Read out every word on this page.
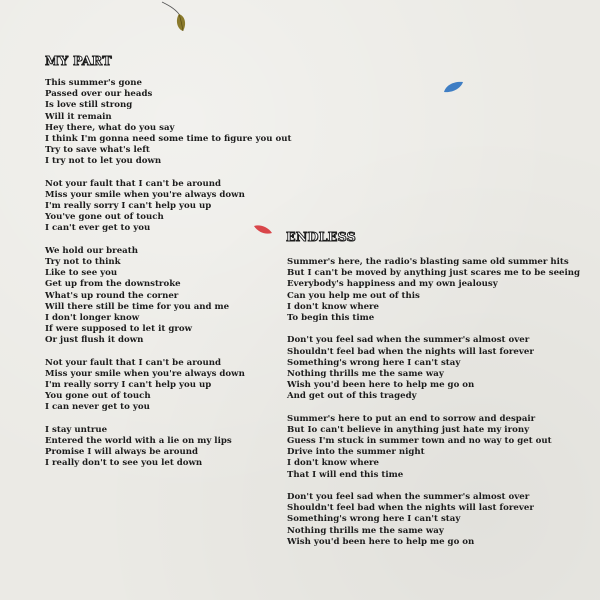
MY PART
This summer's gone
Passed over our heads
Is love still strong
Will it remain
Hey there, what do you say
I think I'm gonna need some time to figure you out
Try to save what's left
I try not to let you down
Not your fault that I can't be around
Miss your smile when you're always down
I'm really sorry I can't help you up
You've gone out of touch
I can't ever get to you
We hold our breath
Try not to think
Like to see you
Get up from the downstroke
What's up round the corner
Will there still be time for you and me
I don't longer know
If were supposed to let it grow
Or just flush it down
Not your fault that I can't be around
Miss your smile when you're always down
I'm really sorry I can't help you up
You gone out of touch
I can never get to you
I stay untrue
Entered the world with a lie on my lips
Promise I will always be around
I really don't to see you let down
ENDLESS
Summer's here, the radio's blasting same old summer hits
But I can't be moved by anything just scares me to be seeing
Everybody's happiness and my own jealousy
Can you help me out of this
I don't know where
To begin this time
Don't you feel sad when the summer's almost over
Shouldn't feel bad when the nights will last forever
Something's wrong here I can't stay
Nothing thrills me the same way
Wish you'd been here to help me go on
And get out of this tragedy
Summer's here to put an end to sorrow and despair
But Io can't believe in anything just hate my irony
Guess I'm stuck in summer town and no way to get out
Drive into the summer night
I don't know where
That I will end this time
Don't you feel sad when the summer's almost over
Shouldn't feel bad when the nights will last forever
Something's wrong here I can't stay
Nothing thrills me the same way
Wish you'd been here to help me go on
